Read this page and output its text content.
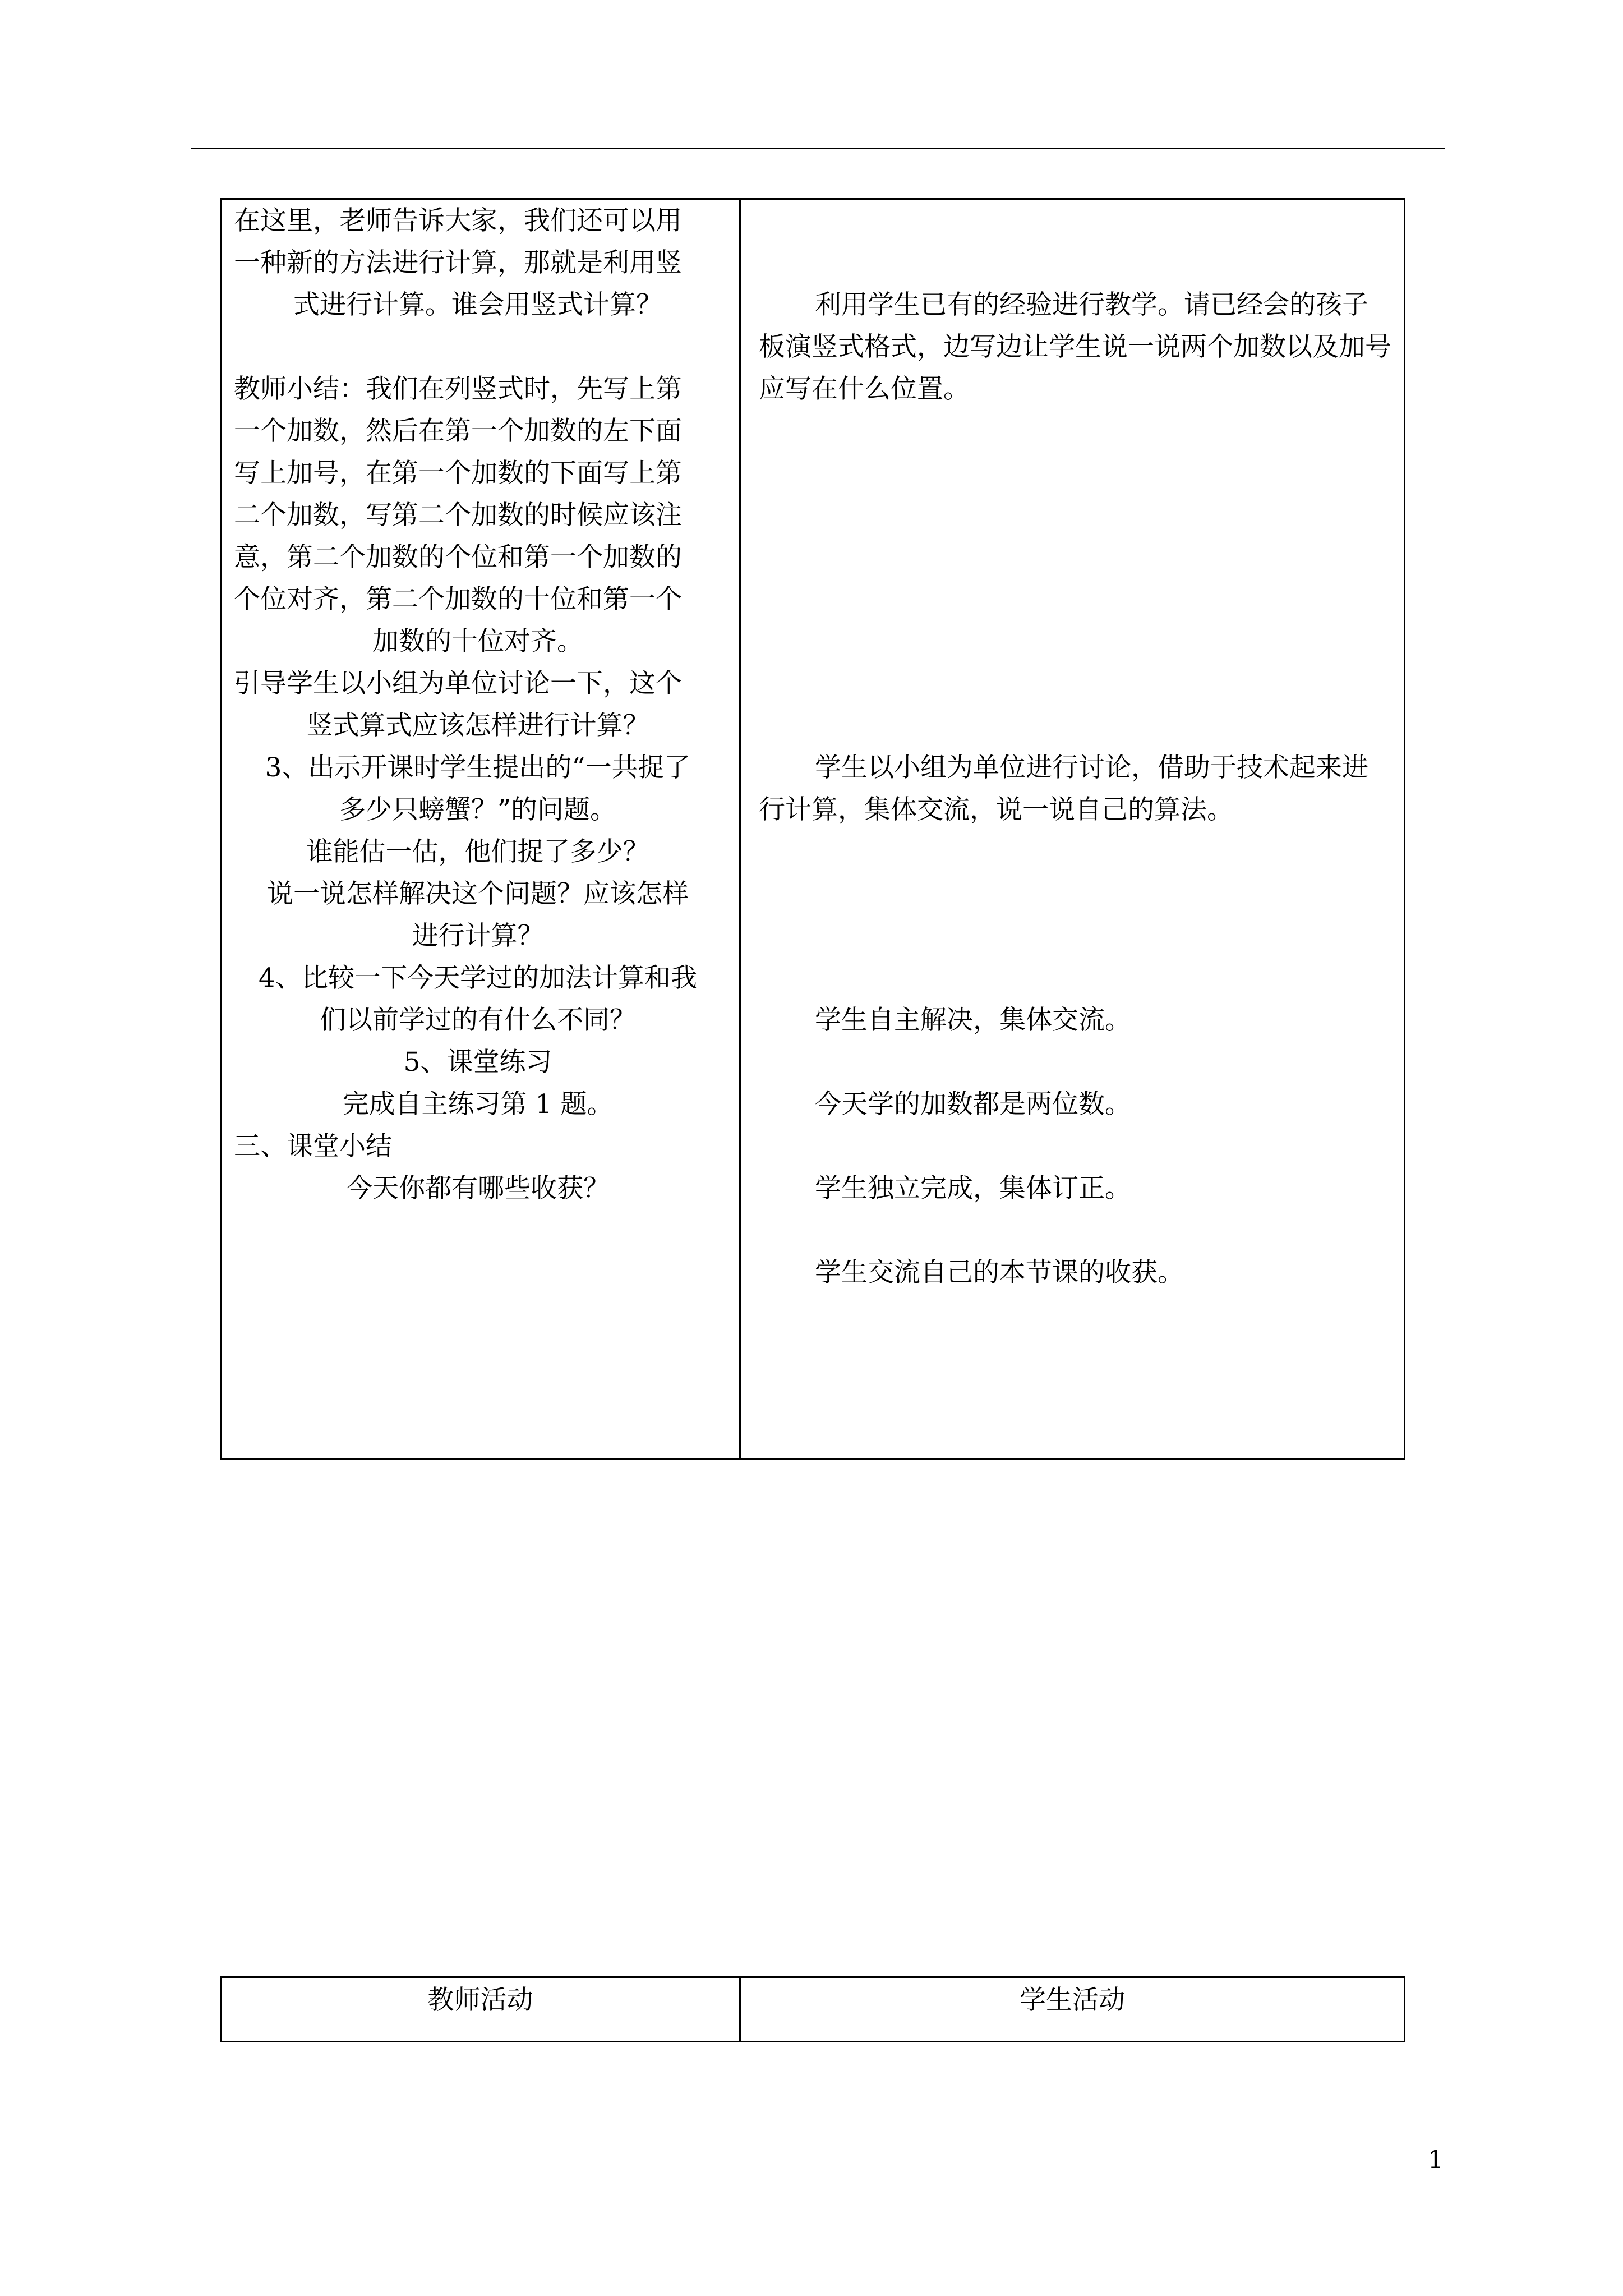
在这里，老师告诉大家，我们还可以用
一种新的方法进行计算，那就是利用竖
式进行计算。谁会用竖式计算？
教师小结：我们在列竖式时，先写上第
一个加数，然后在第一个加数的左下面
写上加号，在第一个加数的下面写上第
二个加数，写第二个加数的时候应该注
意，第二个加数的个位和第一个加数的
个位对齐，第二个加数的十位和第一个
加数的十位对齐。
引导学生以小组为单位讨论一下，这个
竖式算式应该怎样进行计算？
3、出示开课时学生提出的“一共捉了
多少只螃蟹？”的问题。
谁能估一估，他们捉了多少？
说一说怎样解决这个问题？应该怎样
进行计算？
4、比较一下今天学过的加法计算和我
们以前学过的有什么不同？
5、课堂练习
完成自主练习第 1 题。
三、课堂小结
今天你都有哪些收获？
利用学生已有的经验进行教学。请已经会的孩子板演竖式格式，边写边让学生说一说两个加数以及加号应写在什么位置。
学生以小组为单位进行讨论，借助于技术起来进行计算，集体交流，说一说自己的算法。
学生自主解决，集体交流。
今天学的加数都是两位数。
学生独立完成，集体订正。
学生交流自己的本节课的收获。
教师活动	学生活动
1
